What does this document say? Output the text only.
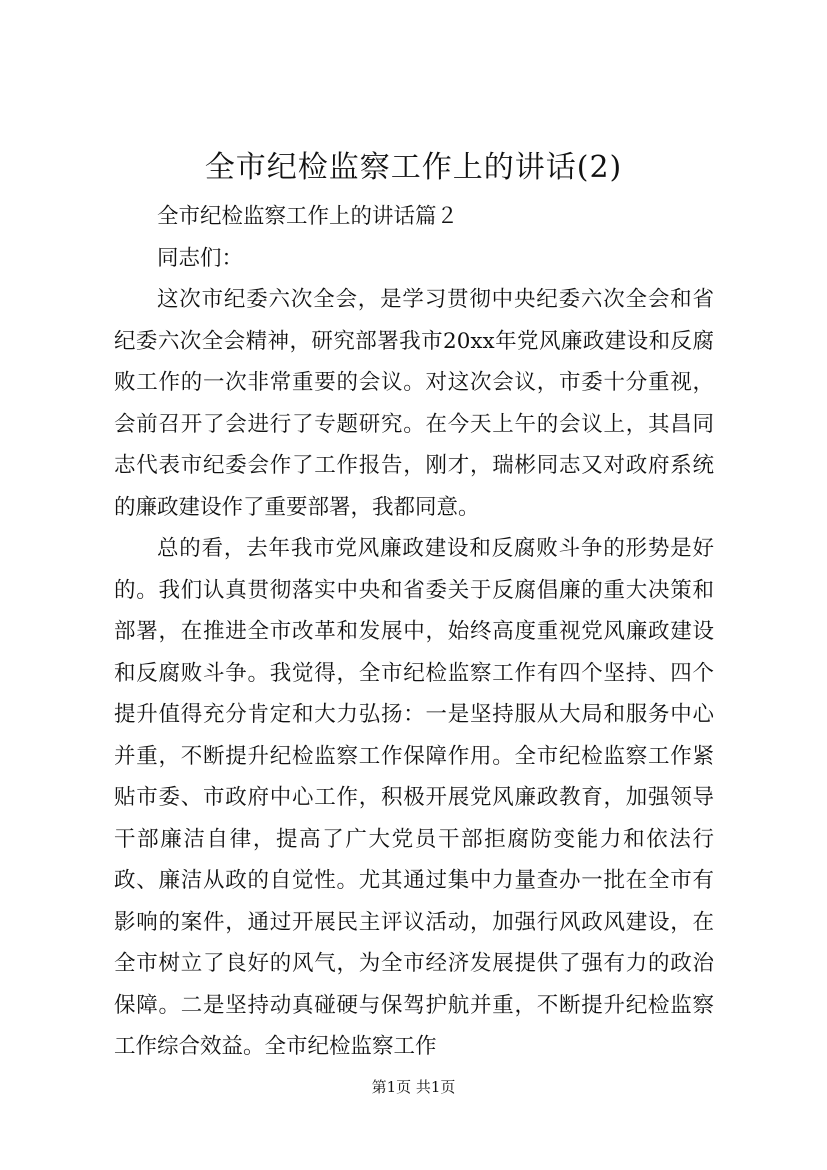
全市纪检监察工作上的讲话(2)

全市纪检监察工作上的讲话篇２

同志们：

这次市纪委六次全会，是学习贯彻中央纪委六次全会和省纪委六次全会精神，研究部署我市20xx年党风廉政建设和反腐败工作的一次非常重要的会议。对这次会议，市委十分重视，会前召开了会进行了专题研究。在今天上午的会议上，其昌同志代表市纪委会作了工作报告，刚才，瑞彬同志又对政府系统的廉政建设作了重要部署，我都同意。

总的看，去年我市党风廉政建设和反腐败斗争的形势是好的。我们认真贯彻落实中央和省委关于反腐倡廉的重大决策和部署，在推进全市改革和发展中，始终高度重视党风廉政建设和反腐败斗争。我觉得，全市纪检监察工作有四个坚持、四个提升值得充分肯定和大力弘扬：一是坚持服从大局和服务中心并重，不断提升纪检监察工作保障作用。全市纪检监察工作紧贴市委、市政府中心工作，积极开展党风廉政教育，加强领导干部廉洁自律，提高了广大党员干部拒腐防变能力和依法行政、廉洁从政的自觉性。尤其通过集中力量查办一批在全市有影响的案件，通过开展民主评议活动，加强行风政风建设，在全市树立了良好的风气，为全市经济发展提供了强有力的政治保障。二是坚持动真碰硬与保驾护航并重，不断提升纪检监察工作综合效益。全市纪检监察工作

第1页 共1页
